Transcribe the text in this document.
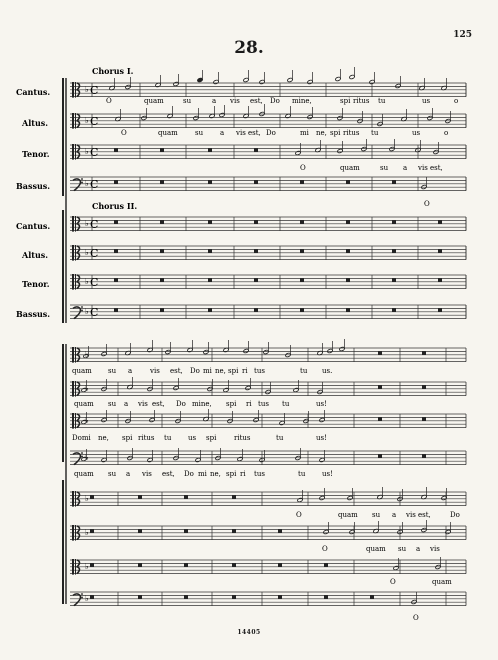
125
28.
Chorus I.
Chorus II.
Cantus.
Altus.
Tenor.
Bassus.
Cantus.
Altus.
Tenor.
Bassus.
♭
♭
♭
♭
♭
♭
♭
♭
C
C
C
C
C
C
C
C
O	quam	su	a vis est, Do mine,	spi ritus tu	us	o
O	quam su a vis est, Do	mi ne, spi ritus tu	us	o
O	quam	su a vis est,
O
♭
♭
♭
♭
♭
♭
♭
♭
quam su a	vis est, Do mi ne, spi ri tus	tu us.
quam su a vis est, Do mine, spi ri tus tu	us!
Domi ne, spi ritus tu us spi	ritus	tu	us!
quam su a vis est, Do mi ne, spi ri tus	tu us!
O	quam su a vis est,	Do
O	quam su a vis
O	quam
O
14405
